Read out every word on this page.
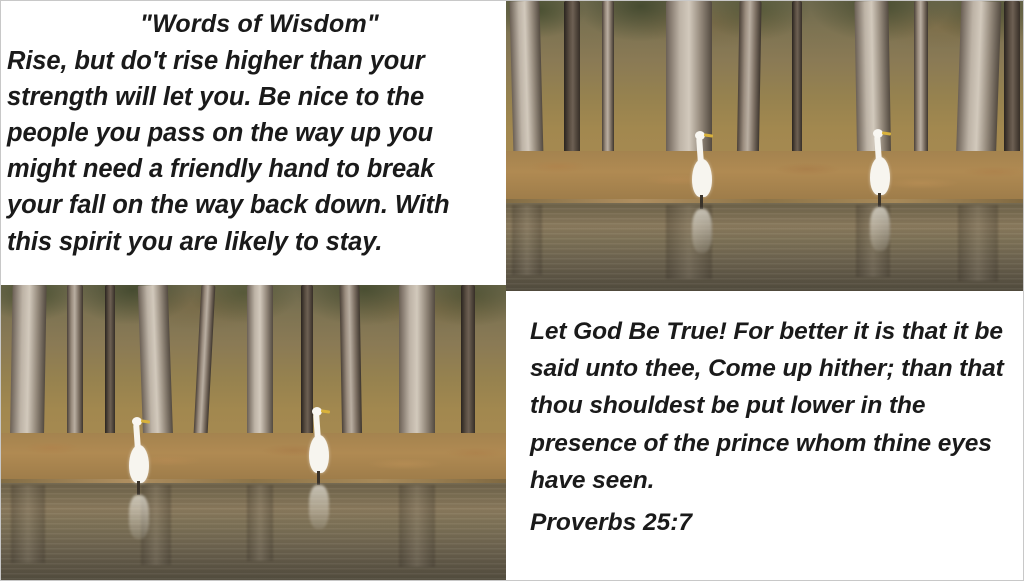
"Words of Wisdom"
Rise, but do't rise higher than your strength will let you. Be nice to the people you pass on the way up you might need a friendly hand to break your fall on the way back down. With this spirit you are likely to stay.
Let God Be True! For better it is that it be said unto thee, Come up hither; than that thou shouldest be put lower in the presence of the prince whom thine eyes have seen.
Proverbs 25:7
